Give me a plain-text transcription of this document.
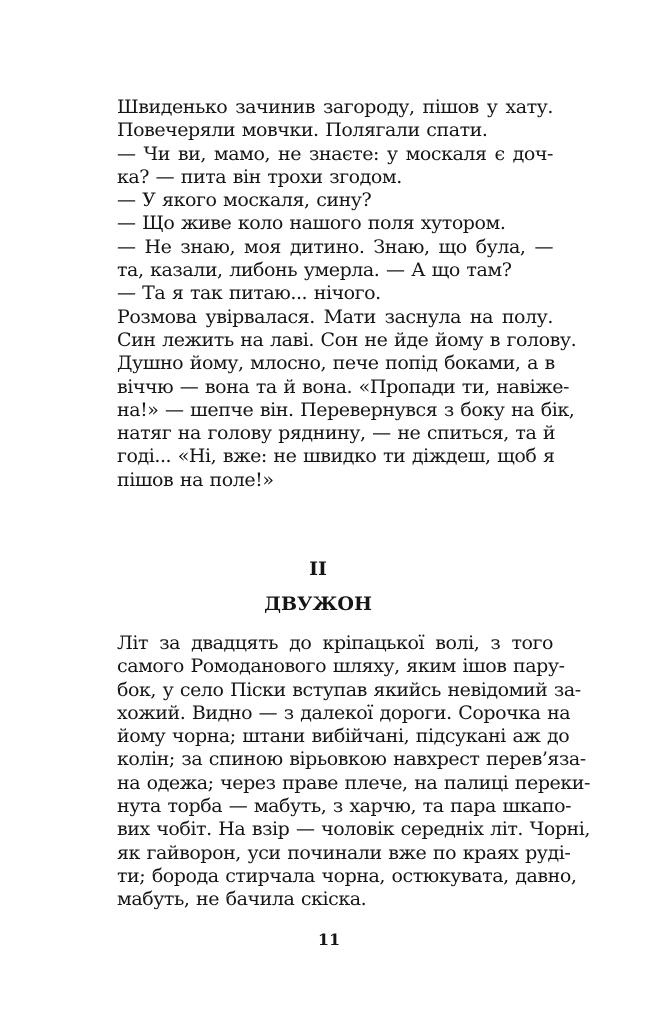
Швиденько зачинив загороду, пішов у хату.
Повечеряли мовчки. Полягали спати.
— Чи ви, мамо, не знаєте: у москаля є доч-
ка? — пита він трохи згодом.
— У якого москаля, сину?
— Що живе коло нашого поля хутором.
— Не знаю, моя дитино. Знаю, що була, —
та, казали, либонь умерла. — А що там?
— Та я так питаю... нічого.
Розмова увірвалася. Мати заснула на полу.
Син лежить на лаві. Сон не йде йому в голову.
Душно йому, млосно, пече попід боками, а в
віччю — вона та й вона. «Пропади ти, навіже-
на!» — шепче він. Перевернувся з боку на бік,
натяг на голову ряднину, — не спиться, та й
годі... «Ні, вже: не швидко ти діждеш, щоб я
пішов на поле!»

II

ДВУЖОН

Літ за двадцять до кріпацької волі, з того
самого Ромоданового шляху, яким ішов пару-
бок, у село Піски вступав якийсь невідомий за-
хожий. Видно — з далекої дороги. Сорочка на
йому чорна; штани вибійчані, підсукані аж до
колін; за спиною вірьовкою навхрест перев’яза-
на одежа; через праве плече, на палиці переки-
нута торба — мабуть, з харчю, та пара шкапо-
вих чобіт. На взір — чоловік середніх літ. Чорні,
як гайворон, уси починали вже по краях руді-
ти; борода стирчала чорна, остюкувата, давно,
мабуть, не бачила скіска.

11
